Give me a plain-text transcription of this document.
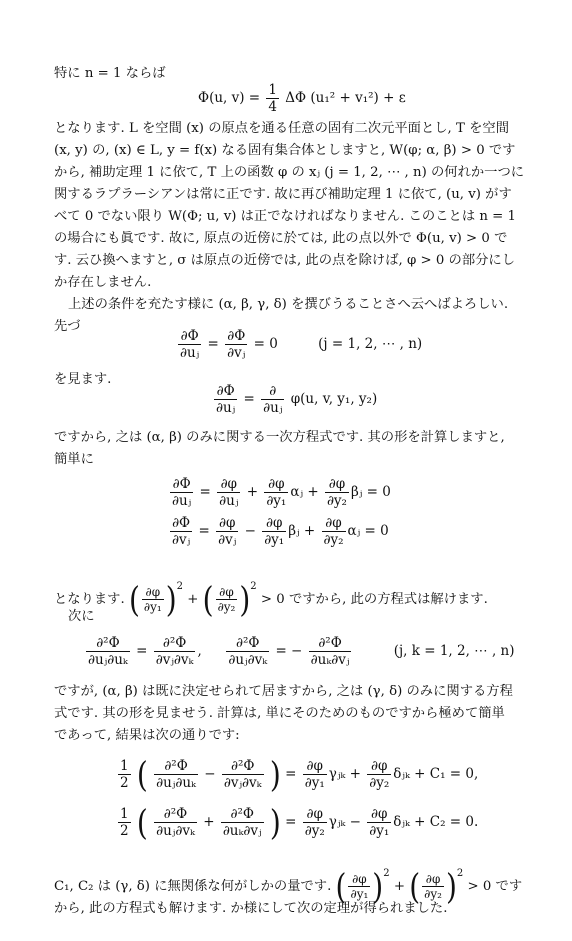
特に n = 1 ならば
Φ(u, $v) = \frac{1}{4}$ ΔΦ (u₁² + v₁²) + ε
となります. L を空間 (x) の原点を通る任意の固有二次元平面とし, T を空間
(x, y) の, (x) ∈ L, y = f(x) なる固有集合体としますと, W(φ; α, β) > 0 です
から, 補助定理 1 に依て, T 上の函数 φ の xⱼ (j = 1, 2, ⋯ , n) の何れか一つに
関するラプラーシアンは常に正です. 故に再び補助定理 1 に依て, (u, v) がす
べて 0 でない限り W(Φ; u, v) は正でなければなりません. このことは n = 1
の場合にも眞です. 故に, 原点の近傍に於ては, 此の点以外で Φ(u, v) > 0 で
す. 云ひ換へますと, σ は原点の近傍では, 此の点を除けば, φ > 0 の部分にし
か存在しません.
上述の条件を充たす様に (α, β, γ, δ) を撰びうることさへ云へばよろしい.
先づ
$\frac{\partial\Phi}{\text{∂uⱼ}} = \frac{\partial\Phi}{\text{∂vⱼ}} = 0$	(j = 1, 2, ⋯ , n)
を見ます.
$\frac{\partial\Phi}{\text{∂uⱼ}} = \frac{\partial}{\text{∂uⱼ}} \varphi(u$, v, y₁, y₂)
ですから, 之は (α, β) のみに関する一次方程式です. 其の形を計算しますと,
簡単に
$\frac{\partial\Phi}{\text{∂uⱼ}} = \frac{\partial\varphi}{\text{∂uⱼ}} + \frac{\partial\varphi}{\text{∂y₁}}$ αⱼ + $\frac{\partial\varphi}{\text{∂y₂}}$ βⱼ = 0
$\frac{\partial\Phi}{\text{∂vⱼ}} = \frac{\partial\varphi}{\text{∂vⱼ}} - \frac{\partial\varphi}{\text{∂y₁}}$ βⱼ + $\frac{\partial\varphi}{\text{∂y₂}}$ αⱼ = 0
となります. ( $\frac{\partial\varphi}{\text{∂y₁}} )^2$ + ( $\frac{\partial\varphi}{\text{∂y₂}} )^2 > 0$ ですから, 此の方程式は解けます.
次に
$\frac{\text{∂²Φ}}{\text{∂uⱼ∂uₖ}} = \frac{\text{∂²Φ}}{\text{∂vⱼ∂vₖ}}$ , $\frac{\text{∂²Φ}}{\text{∂uⱼ∂vₖ}}$ = − $\frac{\text{∂²Φ}}{\text{∂uₖ∂vⱼ}}$	(j, k = 1, 2, ⋯ , n)
ですが, (α, β) は既に決定せられて居ますから, 之は (γ, δ) のみに関する方程
式です. 其の形を見ませう. 計算は, 単にそのためのものですから極めて簡単
であって, 結果は次の通りです:
$\frac{1}{2}$ ( $\frac{\text{∂²Φ}}{\text{∂uⱼ∂uₖ}} - \frac{\text{∂²Φ}}{\text{∂vⱼ∂vₖ}}$ ) = $\frac{\partial\varphi}{\text{∂y₁}}$ γⱼₖ + $\frac{\partial\varphi}{\text{∂y₂}}$ δⱼₖ + C₁ = 0,
$\frac{1}{2}$ ( $\frac{\text{∂²Φ}}{\text{∂uⱼ∂vₖ}} + \frac{\text{∂²Φ}}{\text{∂uₖ∂vⱼ}}$ ) = $\frac{\partial\varphi}{\text{∂y₂}}$ γⱼₖ − $\frac{\partial\varphi}{\text{∂y₁}}$ δⱼₖ + C₂ = 0.
C₁, C₂ は (γ, δ) に無関係な何がしかの量です. ( $\frac{\partial\varphi}{\text{∂y₁}} )^2$ + ( $\frac{\partial\varphi}{\text{∂y₂}} )^2 > 0$ です
から, 此の方程式も解けます. か様にして次の定理が得られました.
